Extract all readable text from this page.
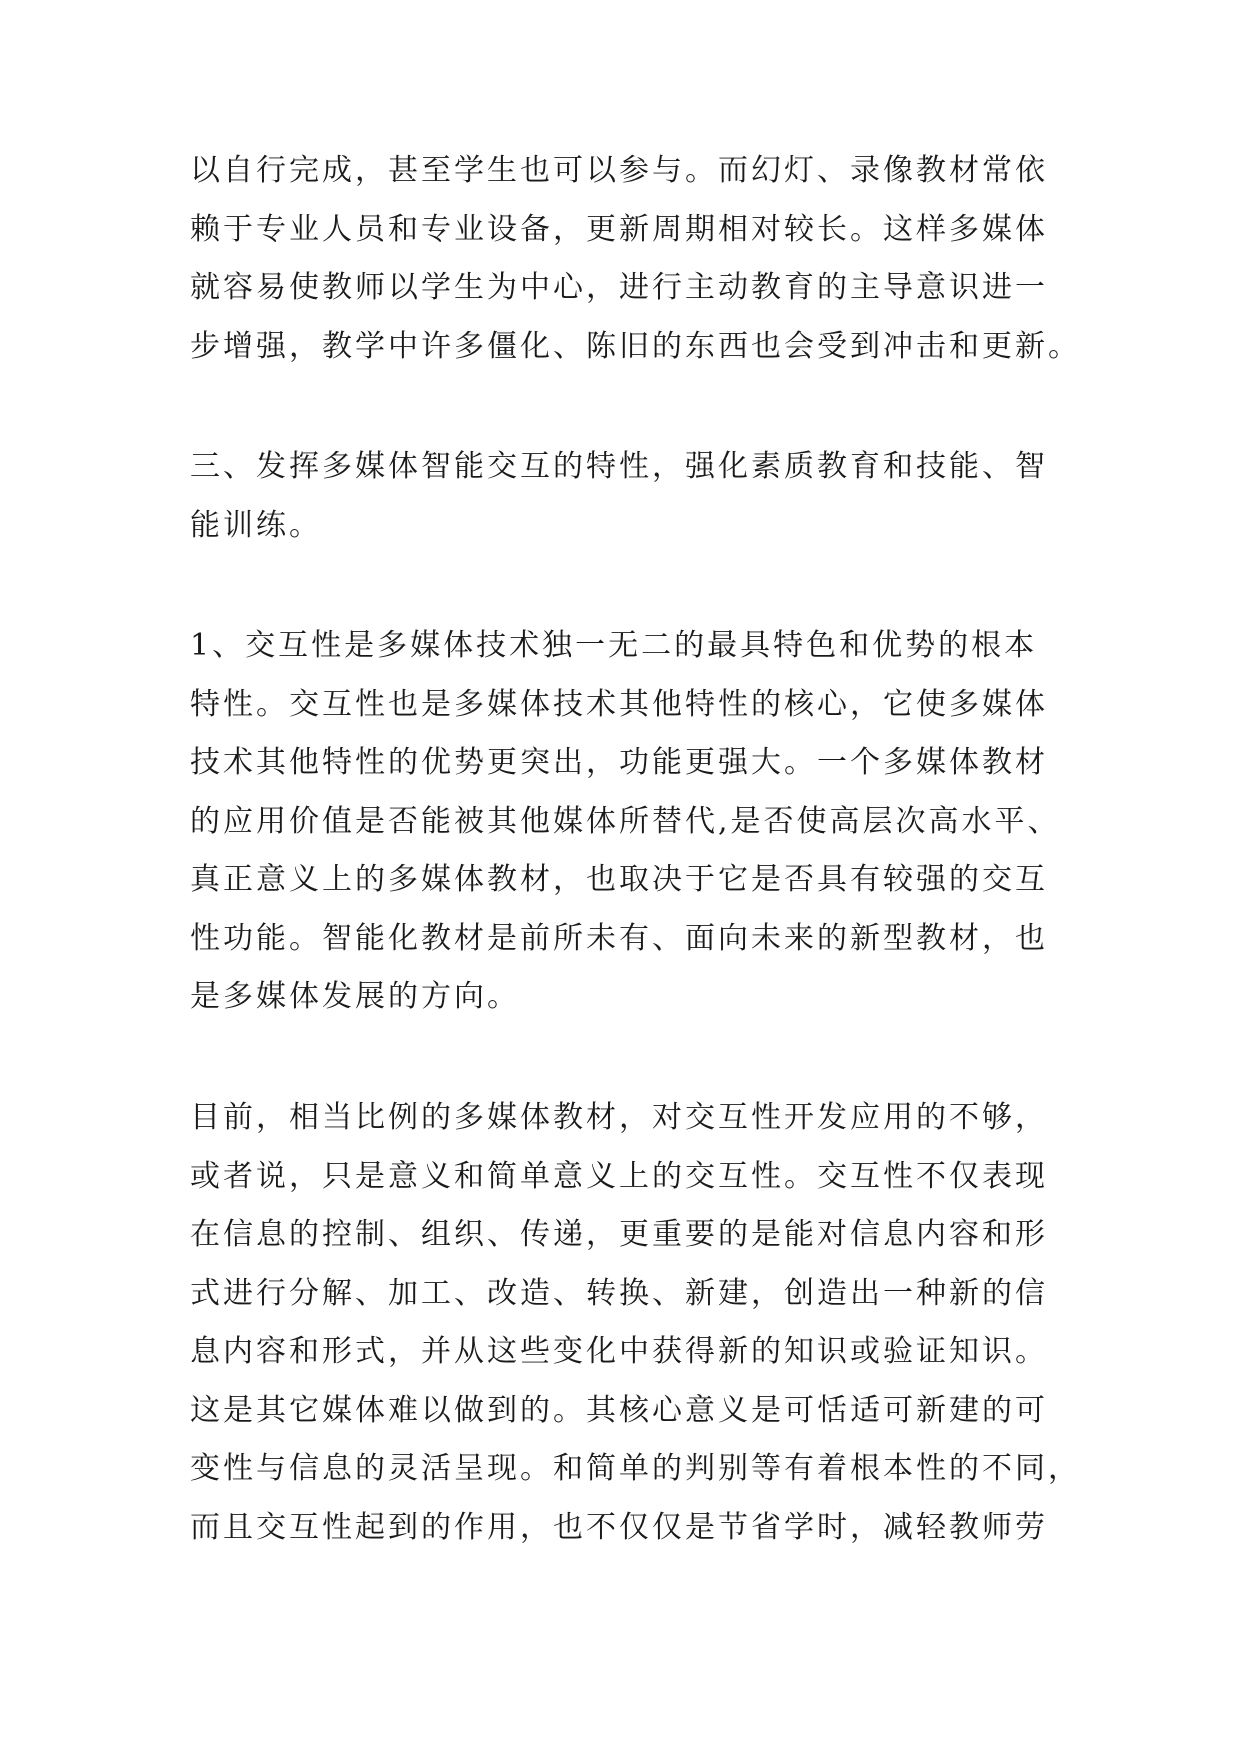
以自行完成，甚至学生也可以参与。而幻灯、录像教材常依
赖于专业人员和专业设备，更新周期相对较长。这样多媒体
就容易使教师以学生为中心，进行主动教育的主导意识进一
步增强，教学中许多僵化、陈旧的东西也会受到冲击和更新。
三、发挥多媒体智能交互的特性，强化素质教育和技能、智
能训练。
1、交互性是多媒体技术独一无二的最具特色和优势的根本
特性。交互性也是多媒体技术其他特性的核心，它使多媒体
技术其他特性的优势更突出，功能更强大。一个多媒体教材
的应用价值是否能被其他媒体所替代,是否使高层次高水平、
真正意义上的多媒体教材，也取决于它是否具有较强的交互
性功能。智能化教材是前所未有、面向未来的新型教材，也
是多媒体发展的方向。
目前，相当比例的多媒体教材，对交互性开发应用的不够，
或者说，只是意义和简单意义上的交互性。交互性不仅表现
在信息的控制、组织、传递，更重要的是能对信息内容和形
式进行分解、加工、改造、转换、新建，创造出一种新的信
息内容和形式，并从这些变化中获得新的知识或验证知识。
这是其它媒体难以做到的。其核心意义是可恬适可新建的可
变性与信息的灵活呈现。和简单的判别等有着根本性的不同，
而且交互性起到的作用，也不仅仅是节省学时，减轻教师劳
